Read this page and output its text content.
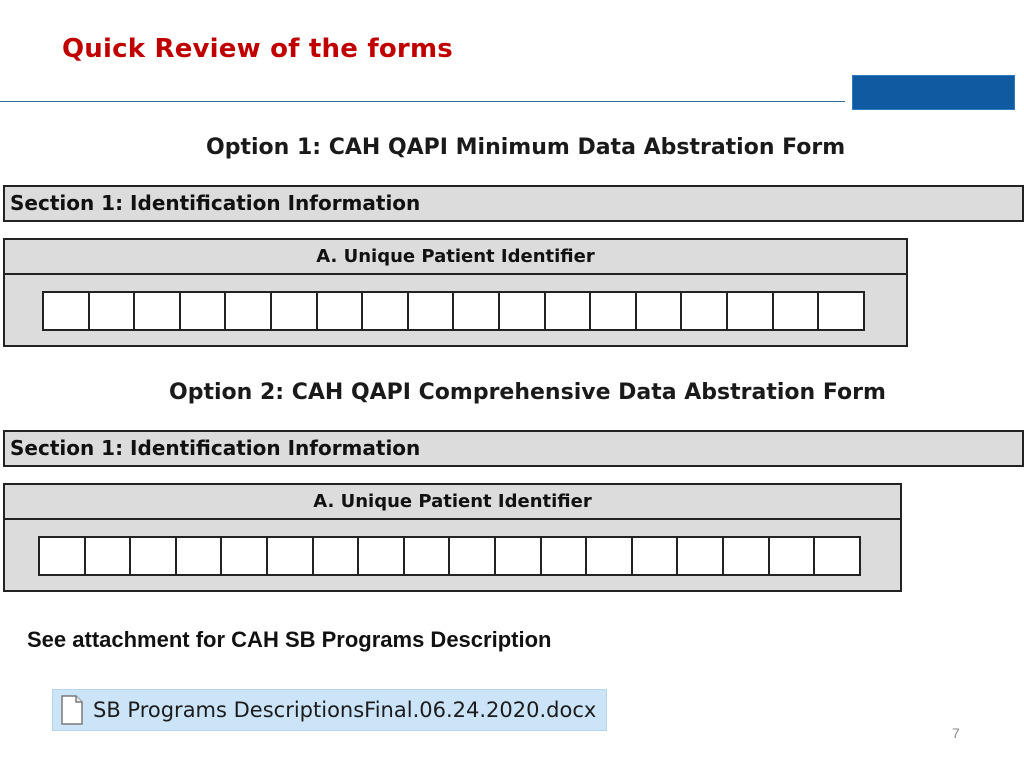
Quick Review of the forms
Option 1: CAH QAPI Minimum Data Abstration Form
Section 1: Identification Information
A. Unique Patient Identifier
Option 2: CAH QAPI Comprehensive Data Abstration Form
Section 1: Identification Information
A. Unique Patient Identifier
See attachment for CAH SB Programs Description
SB Programs DescriptionsFinal.06.24.2020.docx
7
